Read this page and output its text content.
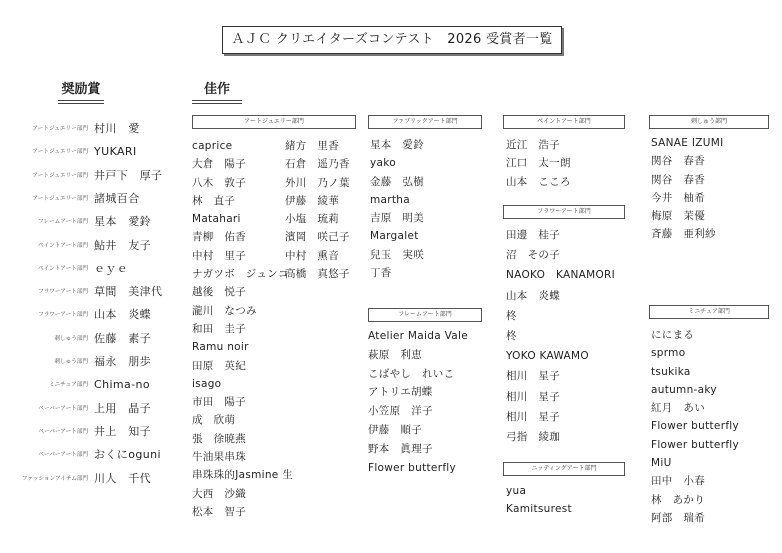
ＡＪＣ クリエイターズコンテスト　2026 受賞者一覧
奨励賞	佳作
アートジュエリー部門 村川　愛
アートジュエリー部門 YUKARI
アートジュエリー部門 井戸下　厚子
アートジュエリー部門 諸城百合
フレームアート部門 星本　愛鈴
ペイントアート部門 鮎井　友子
ペイントアート部門 ｅｙｅ
フラワーアート部門 草間　美津代
フラワーアート部門 山本　炎蝶
刺しゅう部門 佐藤　素子
刺しゅう部門 福永　朋歩
ミニチュア部門 Chima-no
ペーパーアート部門 上用　晶子
ペーパーアート部門 井上　知子
ペーパーアート部門 おくにoguni
ファッションアイテム部門 川人　千代
アートジュエリー部門
caprice
大倉　陽子
八木　敦子
林　直子
Matahari
青柳　佑香
中村　里子
ナガツボ　ジュンコ
越後　悦子
瀧川　なつみ
和田　圭子
Ramu noir
田原　英紀
isago
市田　陽子
成　欣萌
張　徐暁燕
牛油果串珠
串珠珠的Jasmine 生
大西　沙織
松本　智子
緒方　里香
石倉　遥乃香
外川　乃ノ葉
伊藤　綾華
小塩　琉莉
濱岡　咲己子
中村　熏音
高橋　真悠子
ファブリックアート部門
星本　愛鈴
yako
金藤　弘樹
martha
吉原　明美
Margalet
兒玉　実咲
丁香
フレームアート部門
Atelier Maida Vale
萩原　利恵
こばやし　れいこ
アトリエ胡蝶
小笠原　洋子
伊藤　順子
野本　眞理子
Flower butterfly
ペイントアート部門
近江　浩子
江口　太一朗
山本　こころ
フラワーアート部門
田邊　桂子
沼　その子
NAOKO　KANAMORI
山本　炎蝶
柊
柊
YOKO KAWAMO
相川　星子
相川　星子
相川　星子
弓指　綾珈
ニッティングアート部門
yua
Kamitsurest
刺しゅう部門
SANAE IZUMI
関谷　春香
関谷　春香
今井　柚希
梅原　茉優
斉藤　亜利紗
ミニチュア部門
ににまる
sprmo
tsukika
autumn-aky
紅月　あい
Flower butterfly
Flower butterfly
MiU
田中　小春
林　あかり
阿部　瑞希
